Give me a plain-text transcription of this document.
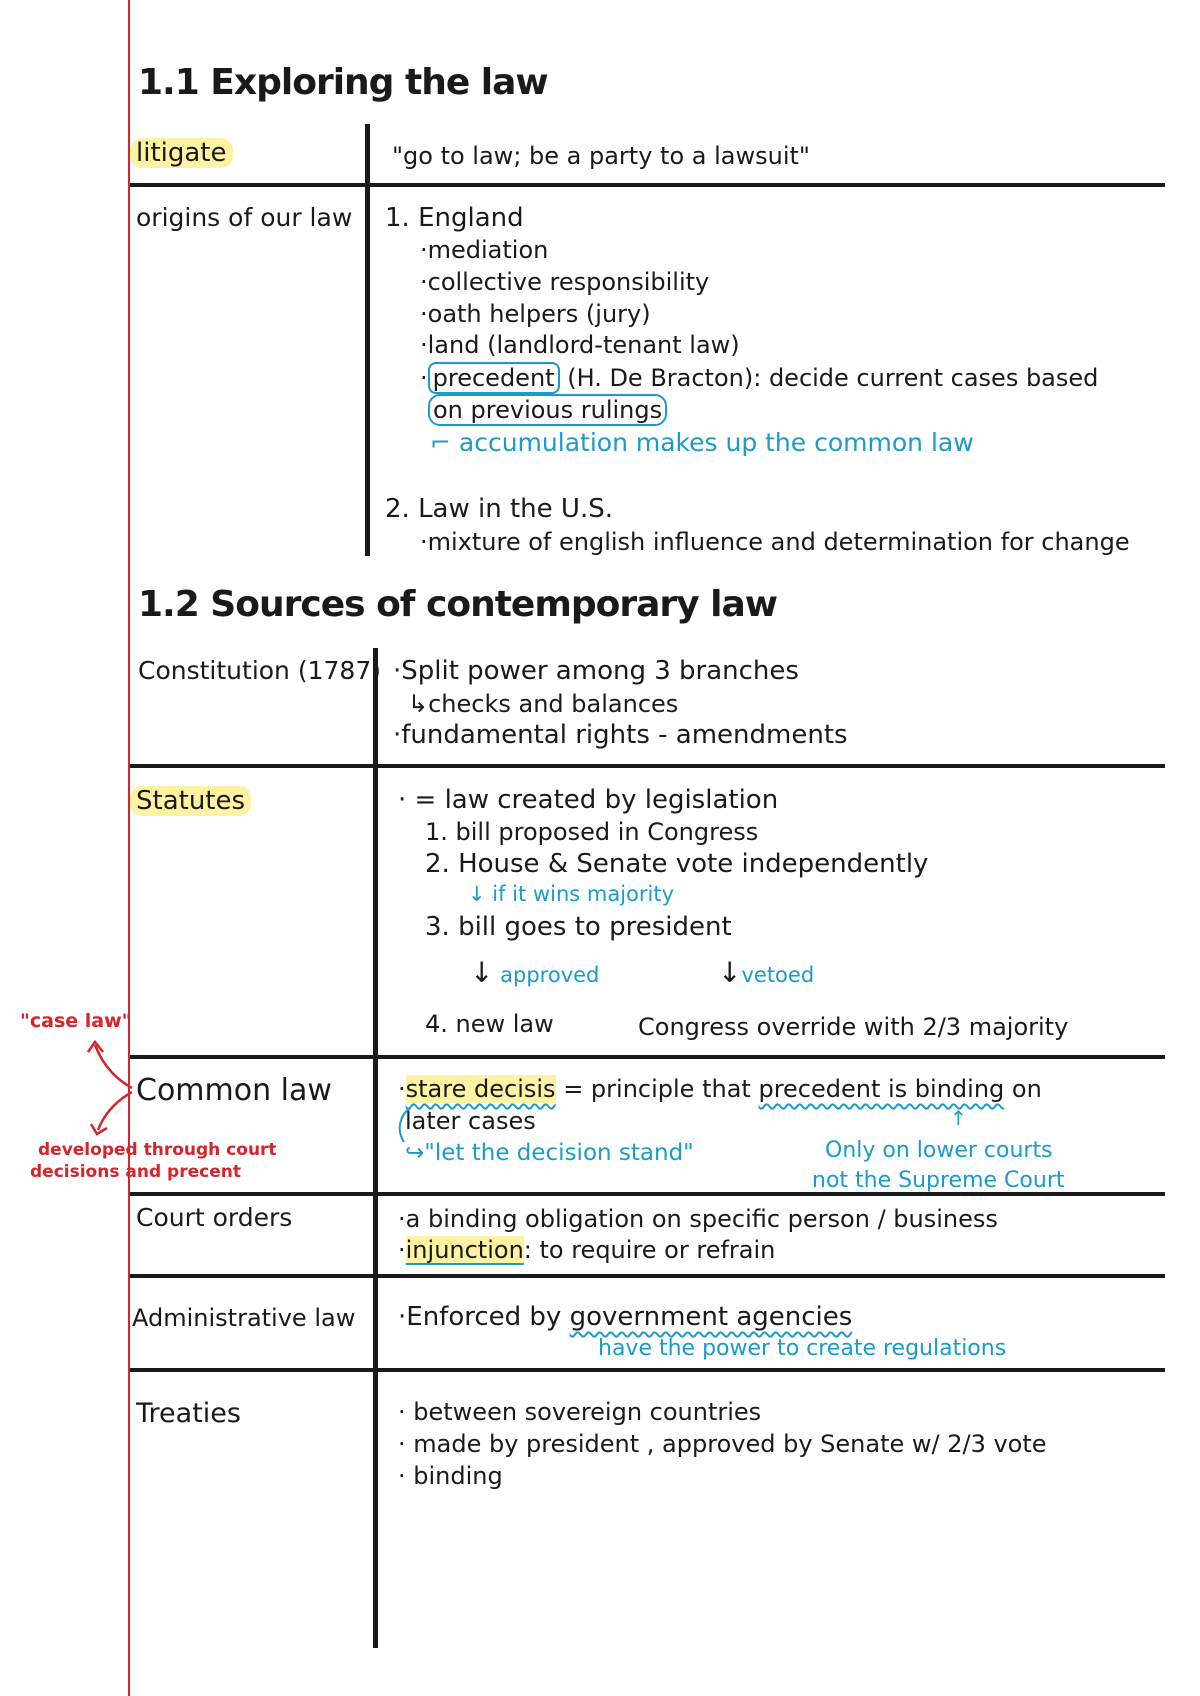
1.1 Exploring the law
litigate	"go to law; be a party to a lawsuit"
origins of our law 1. England
·mediation
·collective responsibility
·oath helpers (jury)
·land (landlord-tenant law)
· precedent (H. De Bracton): decide current cases based
on previous rulings
⌐ accumulation makes up the common law
2. Law in the U.S.
·mixture of english influence and determination for change
1.2 Sources of contemporary law
Constitution (1787) ·Split power among 3 branches
↳checks and balances
·fundamental rights - amendments
Statutes	· = law created by legislation
1. bill proposed in Congress
2. House & Senate vote independently
↓ if it wins majority
3. bill goes to president
↓ approved	↓vetoed
4. new law	Congress override with 2/3 majority
Common law	·stare decisis = principle that precedent is binding on
later cases
↪"let the decision stand"
↑
Only on lower courts
not the Supreme Court
Court orders	·a binding obligation on specific person / business
·injunction: to require or refrain
Administrative law ·Enforced by government agencies
have the power to create regulations
Treaties	· between sovereign countries
· made by president , approved by Senate w/ 2/3 vote
· binding
"case law"
developed through court
decisions and precent
